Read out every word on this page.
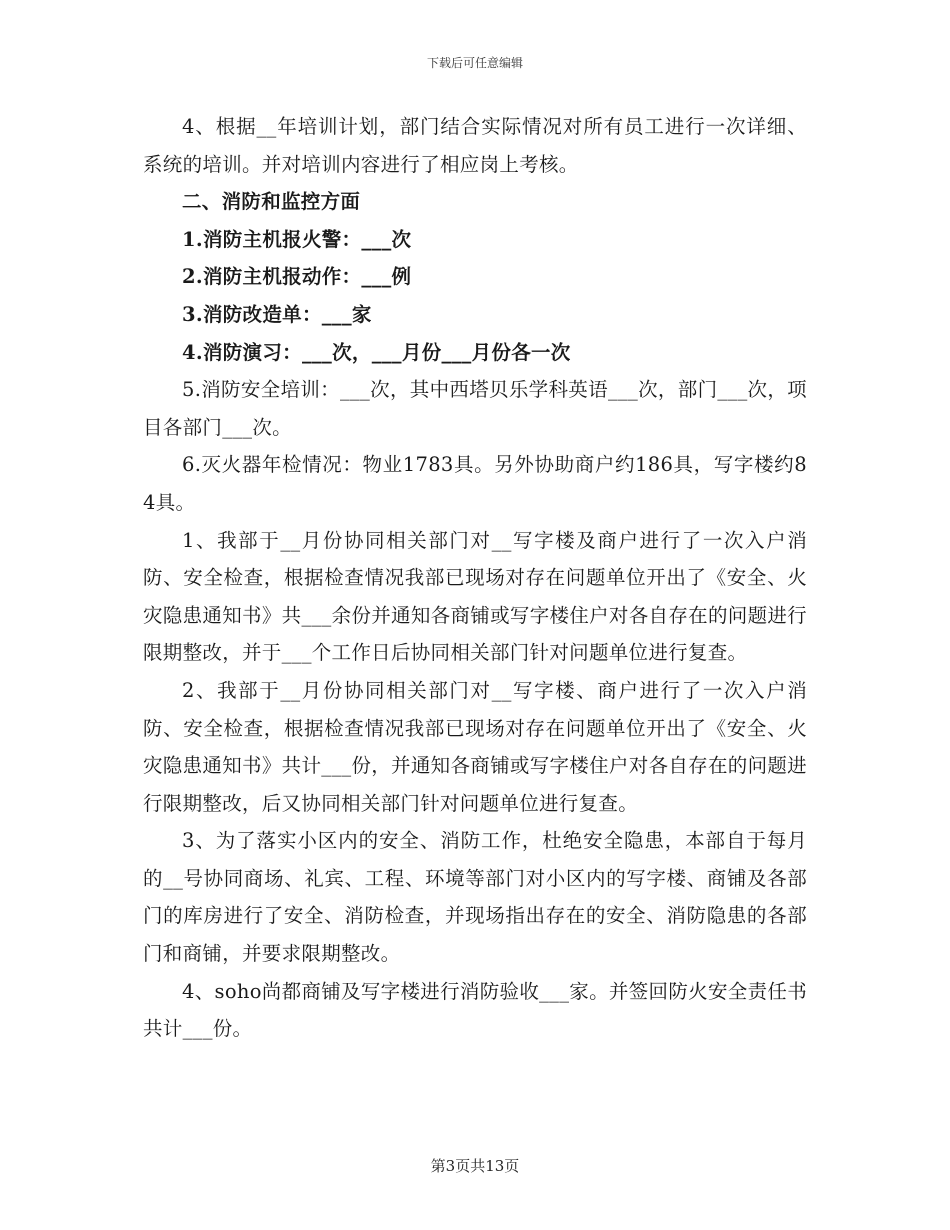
下载后可任意编辑

4、根据__年培训计划，部门结合实际情况对所有员工进行一次详细、系统的培训。并对培训内容进行了相应岗上考核。

二、消防和监控方面

1.消防主机报火警：___次

2.消防主机报动作：___例

3.消防改造单：___家

4.消防演习：___次，___月份___月份各一次

5.消防安全培训：___次，其中西塔贝乐学科英语___次，部门___次，项目各部门___次。

6.灭火器年检情况：物业1783具。另外协助商户约186具，写字楼约84具。

1、我部于__月份协同相关部门对__写字楼及商户进行了一次入户消防、安全检查，根据检查情况我部已现场对存在问题单位开出了《安全、火灾隐患通知书》共___余份并通知各商铺或写字楼住户对各自存在的问题进行限期整改，并于___个工作日后协同相关部门针对问题单位进行复查。

2、我部于__月份协同相关部门对__写字楼、商户进行了一次入户消防、安全检查，根据检查情况我部已现场对存在问题单位开出了《安全、火灾隐患通知书》共计___份，并通知各商铺或写字楼住户对各自存在的问题进行限期整改，后又协同相关部门针对问题单位进行复查。

3、为了落实小区内的安全、消防工作，杜绝安全隐患，本部自于每月的__号协同商场、礼宾、工程、环境等部门对小区内的写字楼、商铺及各部门的库房进行了安全、消防检查，并现场指出存在的安全、消防隐患的各部门和商铺，并要求限期整改。

4、soho尚都商铺及写字楼进行消防验收___家。并签回防火安全责任书共计___份。

第3页共13页
